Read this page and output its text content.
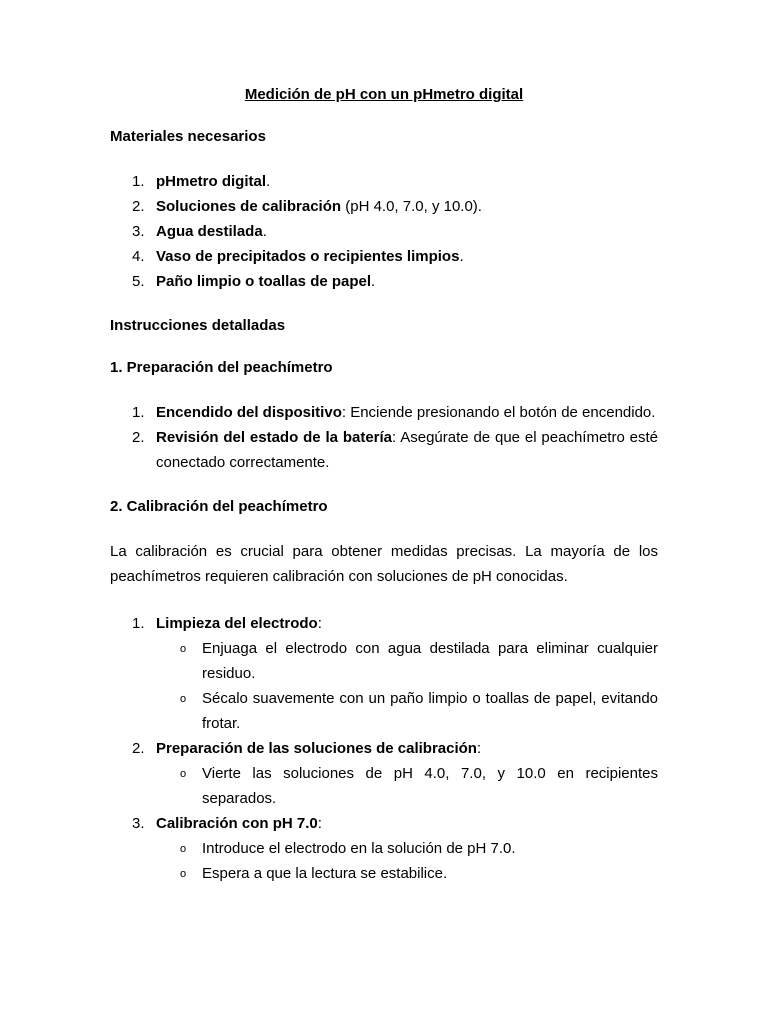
Medición de pH con un pHmetro digital

Materiales necesarios

1. pHmetro digital.
2. Soluciones de calibración (pH 4.0, 7.0, y 10.0).
3. Agua destilada.
4. Vaso de precipitados o recipientes limpios.
5. Paño limpio o toallas de papel.

Instrucciones detalladas

1. Preparación del peachímetro

1. Encendido del dispositivo: Enciende presionando el botón de encendido.
2. Revisión del estado de la batería: Asegúrate de que el peachímetro esté conectado correctamente.

2. Calibración del peachímetro

La calibración es crucial para obtener medidas precisas. La mayoría de los peachímetros requieren calibración con soluciones de pH conocidas.

1. Limpieza del electrodo:
o Enjuaga el electrodo con agua destilada para eliminar cualquier residuo.
o Sécalo suavemente con un paño limpio o toallas de papel, evitando frotar.
2. Preparación de las soluciones de calibración:
o Vierte las soluciones de pH 4.0, 7.0, y 10.0 en recipientes separados.
3. Calibración con pH 7.0:
o Introduce el electrodo en la solución de pH 7.0.
o Espera a que la lectura se estabilice.
